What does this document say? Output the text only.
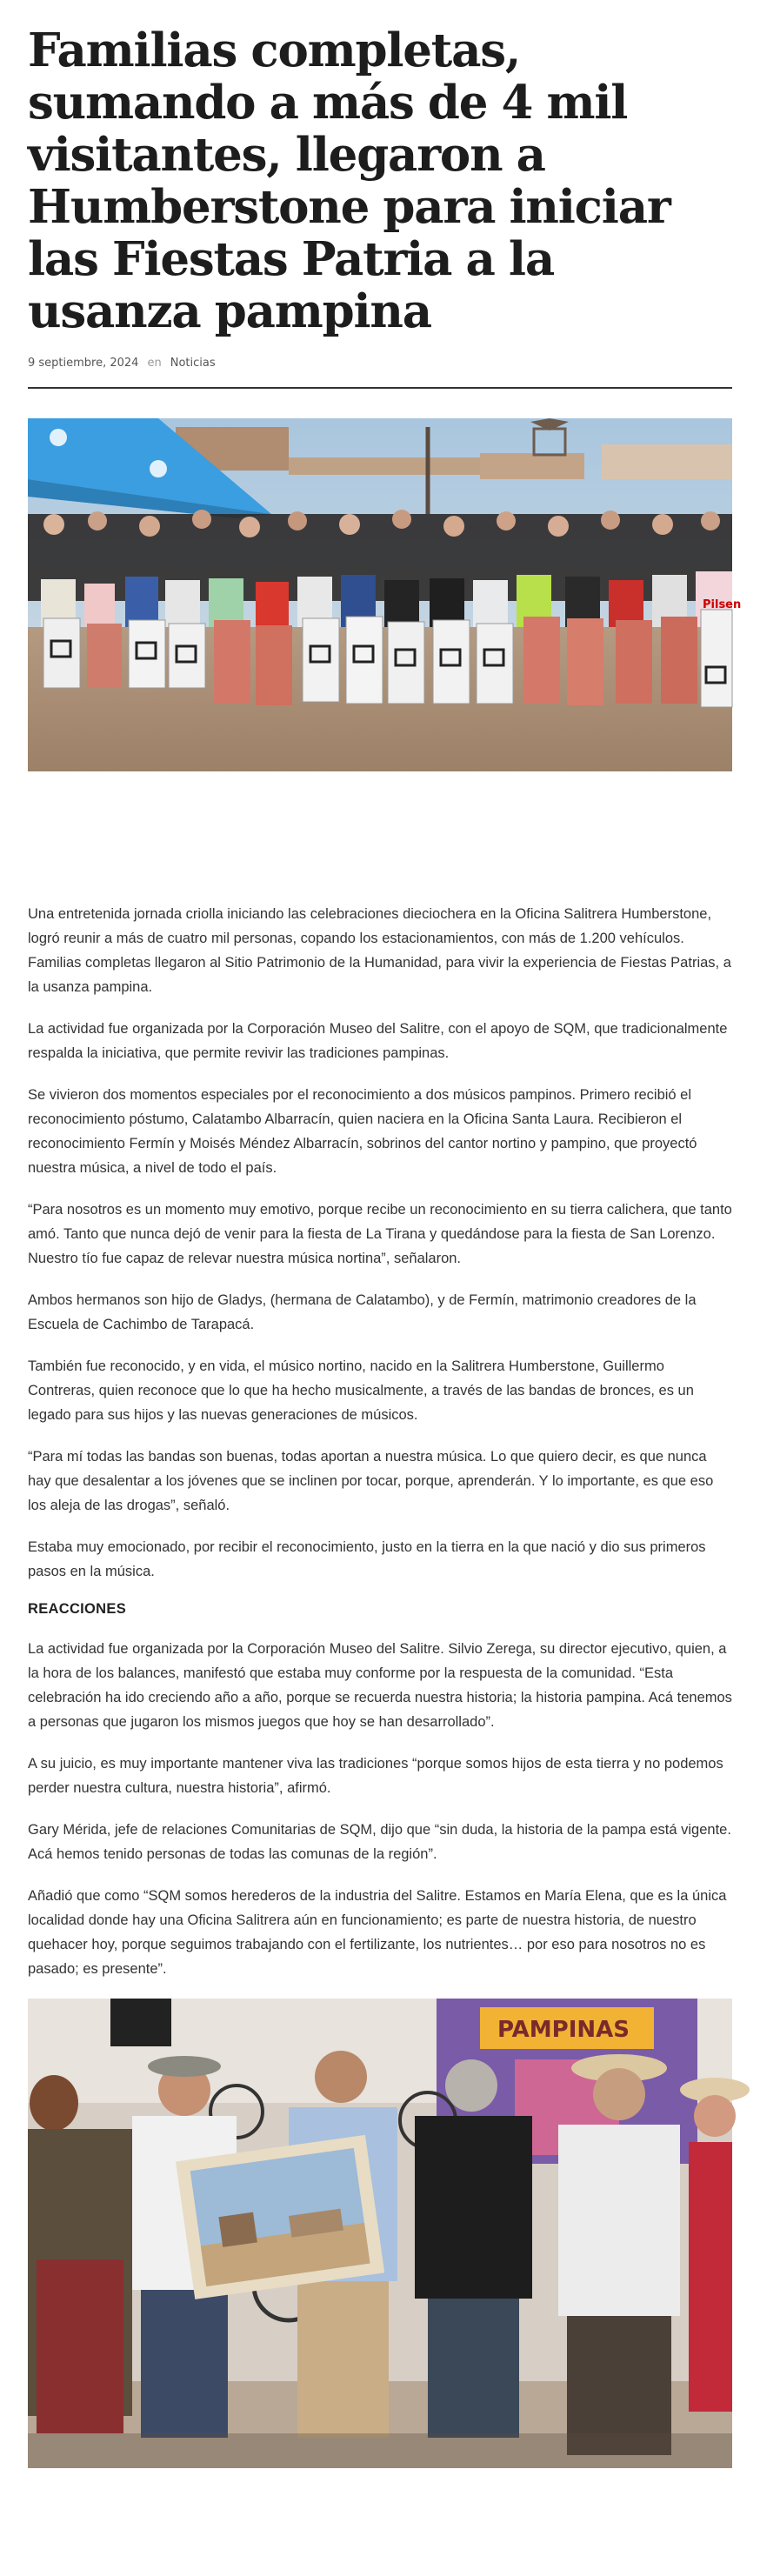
Familias completas, sumando a más de 4 mil visitantes, llegaron a Humberstone para iniciar las Fiestas Patria a la usanza pampina
9 septiembre, 2024 en Noticias
Pilsen

Una entretenida jornada criolla iniciando las celebraciones dieciochera en la Oficina Salitrera Humberstone, logró reunir a más de cuatro mil personas, copando los estacionamientos, con más de 1.200 vehículos. Familias completas llegaron al Sitio Patrimonio de la Humanidad, para vivir la experiencia de Fiestas Patrias, a la usanza pampina.

La actividad fue organizada por la Corporación Museo del Salitre, con el apoyo de SQM, que tradicionalmente respalda la iniciativa, que permite revivir las tradiciones pampinas.

Se vivieron dos momentos especiales por el reconocimiento a dos músicos pampinos. Primero recibió el reconocimiento póstumo, Calatambo Albarracín, quien naciera en la Oficina Santa Laura. Recibieron el reconocimiento Fermín y Moisés Méndez Albarracín, sobrinos del cantor nortino y pampino, que proyectó nuestra música, a nivel de todo el país.

“Para nosotros es un momento muy emotivo, porque recibe un reconocimiento en su tierra calichera, que tanto amó. Tanto que nunca dejó de venir para la fiesta de La Tirana y quedándose para la fiesta de San Lorenzo. Nuestro tío fue capaz de relevar nuestra música nortina”, señalaron.

Ambos hermanos son hijo de Gladys, (hermana de Calatambo), y de Fermín, matrimonio creadores de la Escuela de Cachimbo de Tarapacá.

También fue reconocido, y en vida, el músico nortino, nacido en la Salitrera Humberstone, Guillermo Contreras, quien reconoce que lo que ha hecho musicalmente, a través de las bandas de bronces, es un legado para sus hijos y las nuevas generaciones de músicos.

“Para mí todas las bandas son buenas, todas aportan a nuestra música. Lo que quiero decir, es que nunca hay que desalentar a los jóvenes que se inclinen por tocar, porque, aprenderán. Y lo importante, es que eso los aleja de las drogas”, señaló.

Estaba muy emocionado, por recibir el reconocimiento, justo en la tierra en la que nació y dio sus primeros pasos en la música.

REACCIONES

La actividad fue organizada por la Corporación Museo del Salitre. Silvio Zerega, su director ejecutivo, quien, a la hora de los balances, manifestó que estaba muy conforme por la respuesta de la comunidad. “Esta celebración ha ido creciendo año a año, porque se recuerda nuestra historia; la historia pampina. Acá tenemos a personas que jugaron los mismos juegos que hoy se han desarrollado”.

A su juicio, es muy importante mantener viva las tradiciones “porque somos hijos de esta tierra y no podemos perder nuestra cultura, nuestra historia”, afirmó.

Gary Mérida, jefe de relaciones Comunitarias de SQM, dijo que “sin duda, la historia de la pampa está vigente. Acá hemos tenido personas de todas las comunas de la región”.

Añadió que como “SQM somos herederos de la industria del Salitre. Estamos en María Elena, que es la única localidad donde hay una Oficina Salitrera aún en funcionamiento; es parte de nuestra historia, de nuestro quehacer hoy, porque seguimos trabajando con el fertilizante, los nutrientes… por eso para nosotros no es pasado; es presente”.

PAMPINAS
